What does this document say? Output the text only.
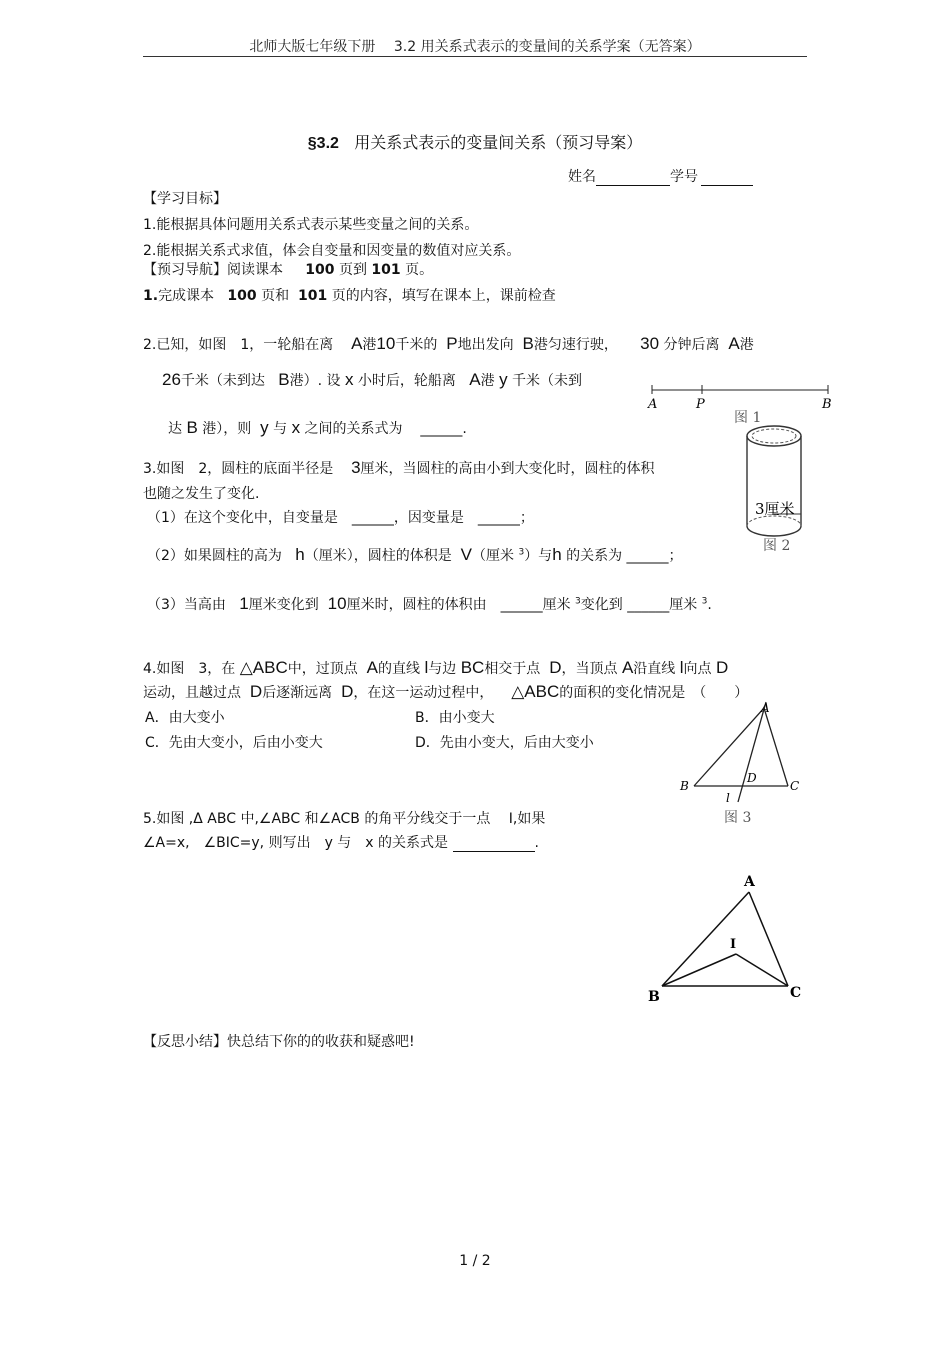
北师大版七年级下册　 3.2 用关系式表示的变量间的关系学案（无答案）
§3.2 用关系式表示的变量间关系（预习导案）
姓名	学号
【学习目标】
1.能根据具体问题用关系式表示某些变量之间的关系。
2.能根据关系式求值，体会自变量和因变量的数值对应关系。
【预习导航】阅读课本 100 页到 101 页。
1.完成课本 100 页和 101 页的内容，填写在课本上，课前检查
2.已知，如图　1，一轮船在离 A港10千米的 P地出发向 B港匀速行驶， 30 分钟后离 A港
26千米（未到达 B港）. 设 x 小时后，轮船离 A港 y 千米（未到
达 B 港），则 y 与 x 之间的关系式为 ______.
A	P	B
图 1
3.如图　2，圆柱的底面半径是 3厘米，当圆柱的高由小到大变化时，圆柱的体积
也随之发生了变化.
（1）在这个变化中，自变量是　______，因变量是　______；
（2）如果圆柱的高为 h（厘米），圆柱的体积是 V（厘米 $^3$）与h 的关系为 ______；
（3）当高由 1厘米变化到 10厘米时，圆柱的体积由　______厘米 $^3$变化到 ______厘米 $^3$.
3厘米
图 2
4.如图　3，在 △ABC中，过顶点 A的直线 l与边 BC相交于点 D，当顶点 A沿直线 l向点 D
运动，且越过点 D后逐渐远离 D，在这一运动过程中， △ABC的面积的变化情况是　（　　）
A．由大变小	B．由小变大
C．先由大变小，后由小变大	D．先由小变大，后由大变小
A
B
D
C
l
图 3
5.如图 ,Δ ABC 中,∠ABC 和∠ACB 的角平分线交于一点　 I,如果
∠A=x,　∠BIC=y, 则写出　y 与　x 的关系式是	.
A
I
B	C
【反思小结】快总结下你的的收获和疑惑吧!
1 / 2
